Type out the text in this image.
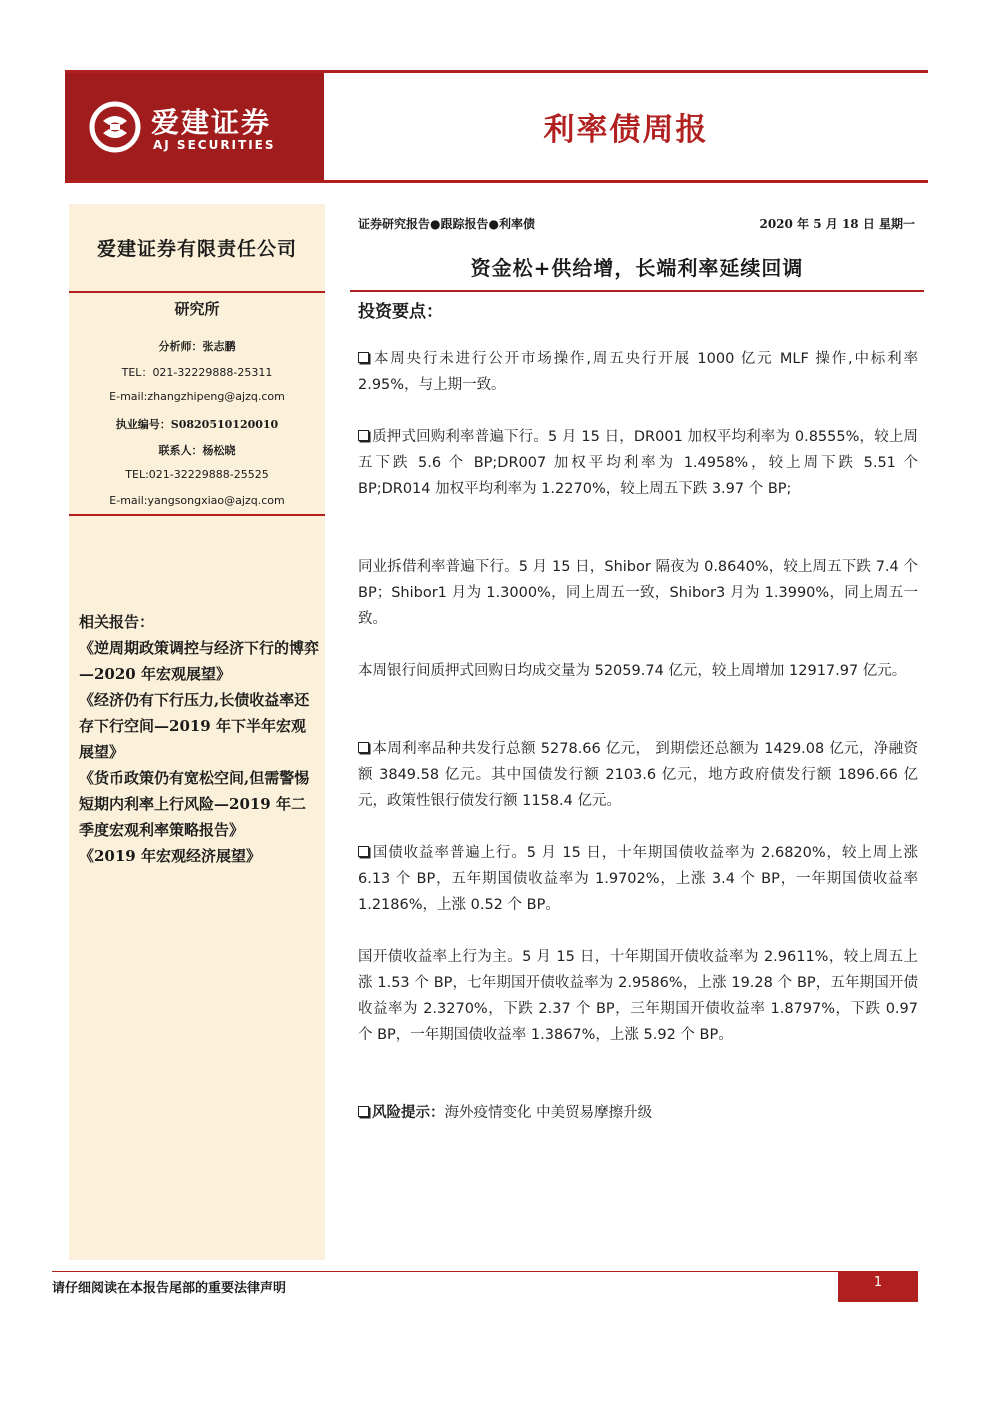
爱建证券
AJ SECURITIES	利率债周报
爱建证券有限责任公司
研究所
分析师：张志鹏
TEL：021-32229888-25311
E-mail:zhangzhipeng@ajzq.com
执业编号：S0820510120010
联系人：杨松晓
TEL:021-32229888-25525
E-mail:yangsongxiao@ajzq.com
相关报告：
《逆周期政策调控与经济下行的博弈—2020 年宏观展望》
《经济仍有下行压力,长债收益率还存下行空间—2019 年下半年宏观展望》
《货币政策仍有宽松空间,但需警惕短期内利率上行风险—2019 年二季度宏观利率策略报告》
《2019 年宏观经济展望》
证券研究报告●跟踪报告●利率债	2020 年 5 月 18 日 星期一
资金松+供给增，长端利率延续回调
投资要点：
本周央行未进行公开市场操作,周五央行开展 1000 亿元 MLF 操作,中标利率 2.95%，与上期一致。
质押式回购利率普遍下行。5 月 15 日，DR001 加权平均利率为 0.8555%，较上周五下跌 5.6 个 BP;DR007 加权平均利率为 1.4958%，较上周下跌 5.51 个 BP;DR014 加权平均利率为 1.2270%，较上周五下跌 3.97 个 BP;
同业拆借利率普遍下行。5 月 15 日，Shibor 隔夜为 0.8640%，较上周五下跌 7.4 个 BP；Shibor1 月为 1.3000%，同上周五一致，Shibor3 月为 1.3990%，同上周五一致。
本周银行间质押式回购日均成交量为 52059.74 亿元，较上周增加 12917.97 亿元。
本周利率品种共发行总额 5278.66 亿元， 到期偿还总额为 1429.08 亿元，净融资额 3849.58 亿元。其中国债发行额 2103.6 亿元，地方政府债发行额 1896.66 亿元，政策性银行债发行额 1158.4 亿元。
国债收益率普遍上行。5 月 15 日，十年期国债收益率为 2.6820%，较上周上涨 6.13 个 BP，五年期国债收益率为 1.9702%，上涨 3.4 个 BP，一年期国债收益率 1.2186%，上涨 0.52 个 BP。
国开债收益率上行为主。5 月 15 日，十年期国开债收益率为 2.9611%，较上周五上涨 1.53 个 BP，七年期国开债收益率为 2.9586%，上涨 19.28 个 BP，五年期国开债收益率为 2.3270%，下跌 2.37 个 BP，三年期国开债收益率 1.8797%，下跌 0.97 个 BP，一年期国债收益率 1.3867%，上涨 5.92 个 BP。
风险提示：海外疫情变化 中美贸易摩擦升级
请仔细阅读在本报告尾部的重要法律声明	1
